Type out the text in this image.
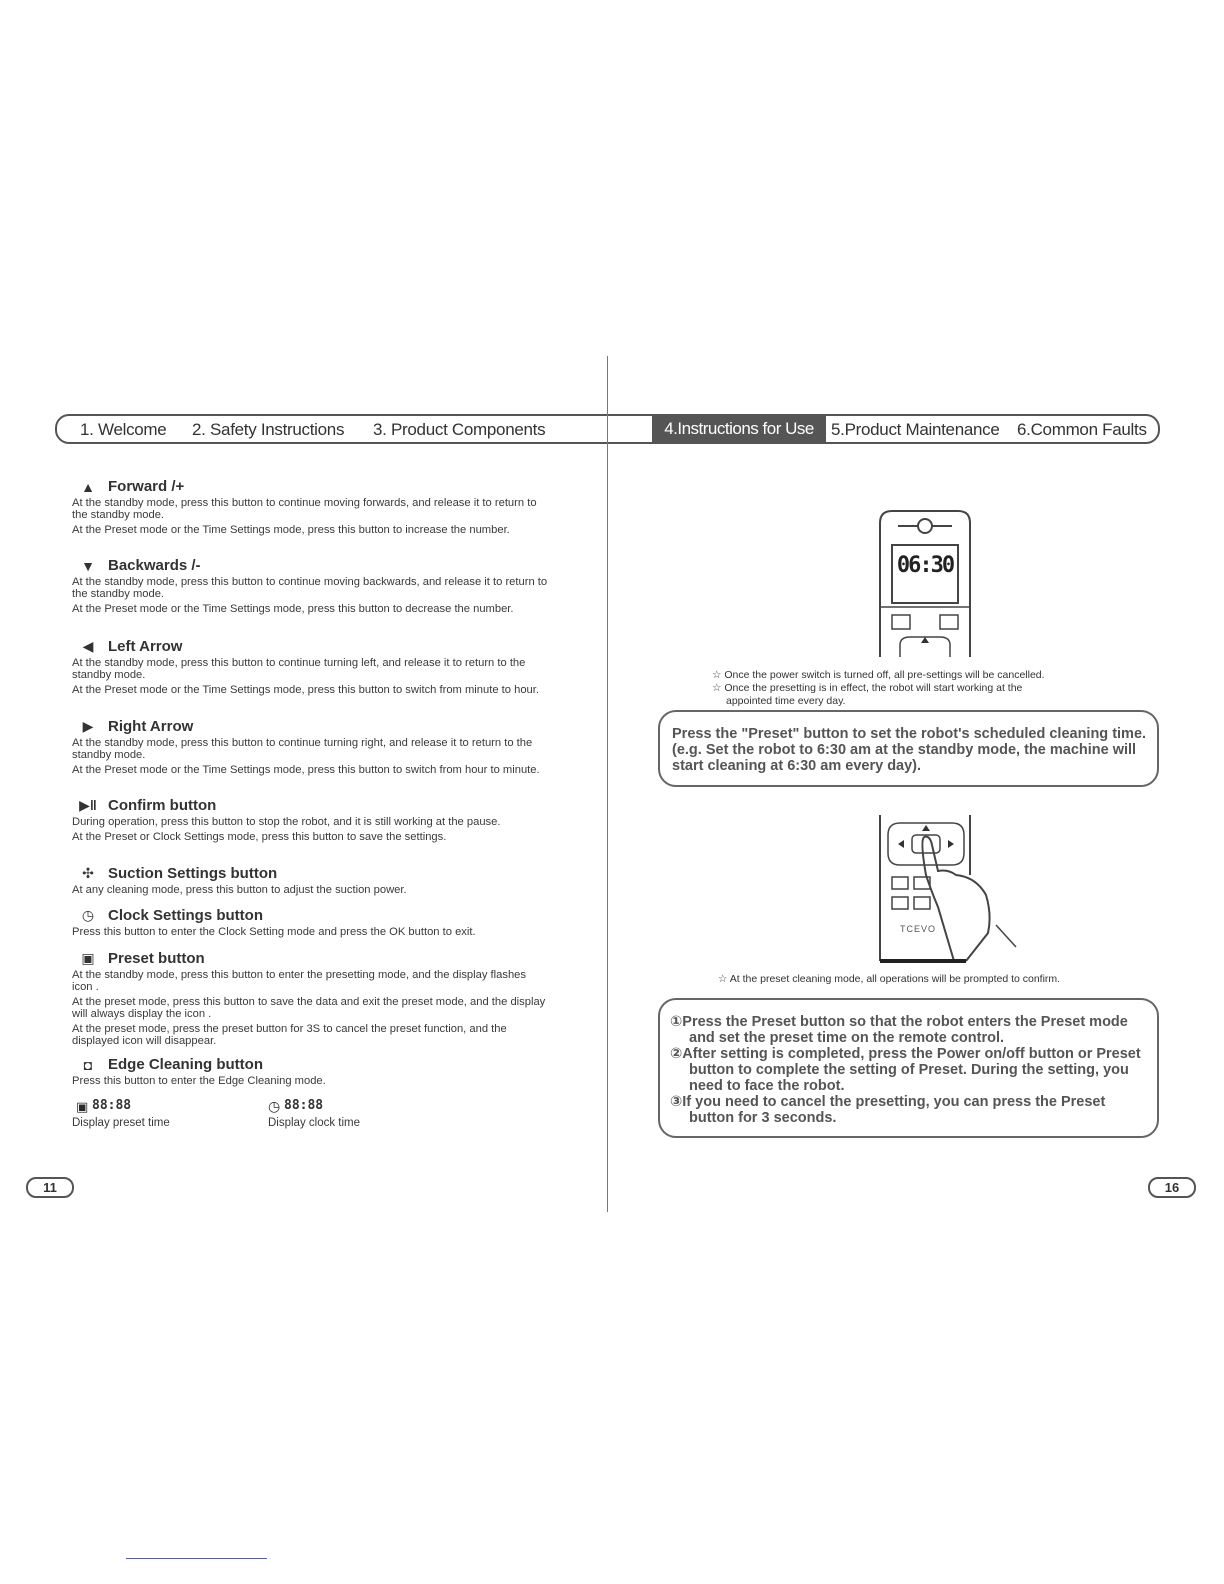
1. Welcome 2. Safety Instructions 3. Product Components	4.Instructions for Use	5.Product Maintenance 6.Common Faults
▲ Forward /+

At the standby mode, press this button to continue moving forwards, and release it to return to the standby mode.

At the Preset mode or the Time Settings mode, press this button to increase the number.

▼ Backwards /-

At the standby mode, press this button to continue moving backwards, and release it to return to the standby mode.

At the Preset mode or the Time Settings mode, press this button to decrease the number.

◀ Left Arrow

At the standby mode, press this button to continue turning left, and release it to return to the standby mode.

At the Preset mode or the Time Settings mode, press this button to switch from minute to hour.

▶ Right Arrow

At the standby mode, press this button to continue turning right, and release it to return to the standby mode.

At the Preset mode or the Time Settings mode, press this button to switch from hour to minute.

▶ǁ Confirm button

During operation, press this button to stop the robot, and it is still working at the pause.

At the Preset or Clock Settings mode, press this button to save the settings.

✣ Suction Settings button

At any cleaning mode, press this button to adjust the suction power.

◷ Clock Settings button

Press this button to enter the Clock Setting mode and press the OK button to exit.

▣ Preset button

At the standby mode, press this button to enter the presetting mode, and the display flashes icon .

At the preset mode, press this button to save the data and exit the preset mode, and the display will always display the icon .

At the preset mode, press the preset button for 3S to cancel the preset function, and the displayed icon will disappear.

◘	Edge Cleaning button

Press this button to enter the Edge Cleaning mode.

▣ 88:88
Display preset time
◷ 88:88
Display clock time
11
06:30
☆ Once the power switch is turned off, all pre-settings will be cancelled.
☆ Once the presetting is in effect, the robot will start working at the
appointed time every day.
Press the "Preset" button to set the robot's scheduled cleaning time.
(e.g. Set the robot to 6:30 am at the standby mode, the machine will
start cleaning at 6:30 am every day).
TCEVO
☆ At the preset cleaning mode, all operations will be prompted to confirm.
①Press the Preset button so that the robot enters the Preset mode
and set the preset time on the remote control.
②After setting is completed, press the Power on/off button or Preset
button to complete the setting of Preset. During the setting, you
need to face the robot.
③If you need to cancel the presetting, you can press the Preset
button for 3 seconds.
16
